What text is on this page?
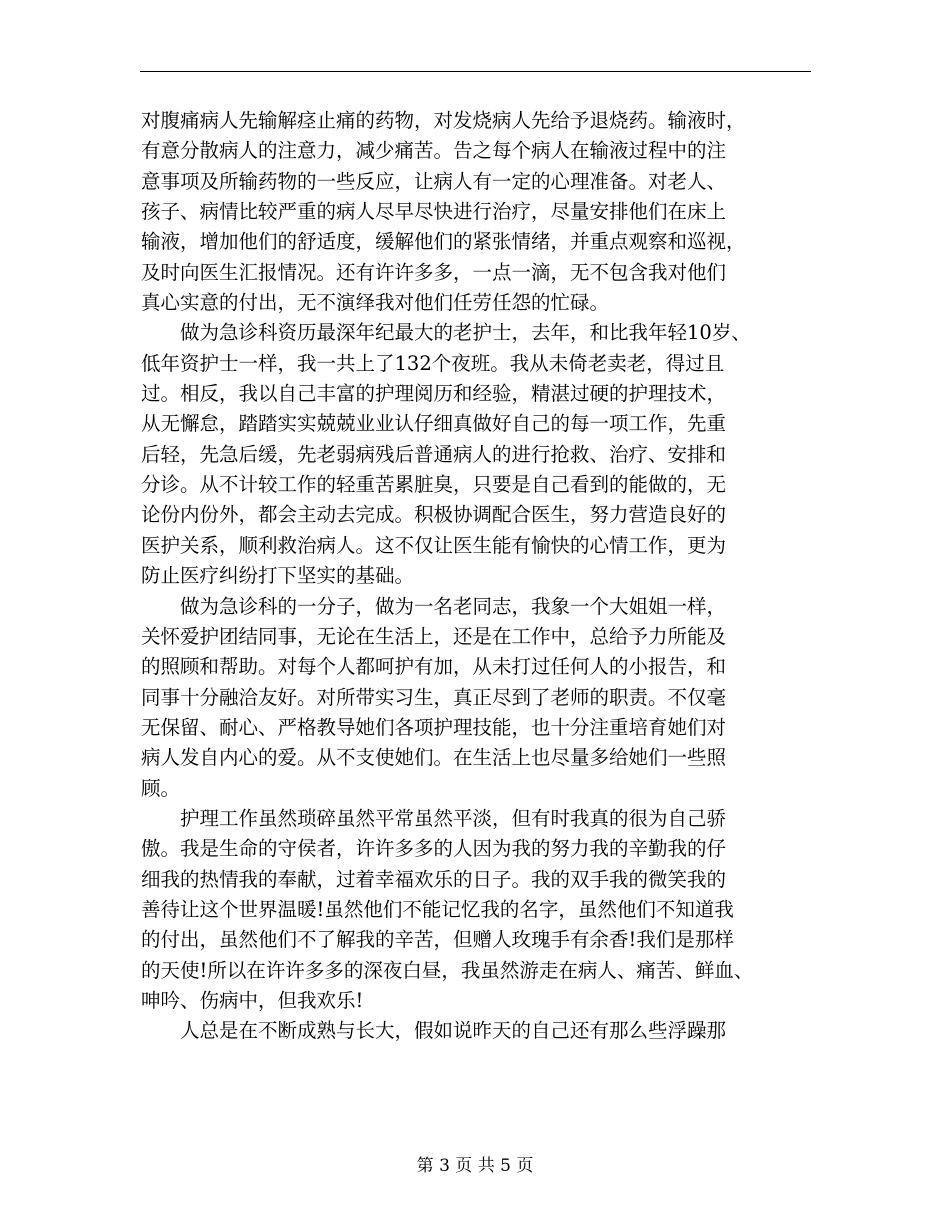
对腹痛病人先输解痉止痛的药物，对发烧病人先给予退烧药。输液时，
有意分散病人的注意力，减少痛苦。告之每个病人在输液过程中的注
意事项及所输药物的一些反应，让病人有一定的心理准备。对老人、
孩子、病情比较严重的病人尽早尽快进行治疗，尽量安排他们在床上
输液，增加他们的舒适度，缓解他们的紧张情绪，并重点观察和巡视，
及时向医生汇报情况。还有许许多多，一点一滴，无不包含我对他们
真心实意的付出，无不演绎我对他们任劳任怨的忙碌。
　　做为急诊科资历最深年纪最大的老护士，去年，和比我年轻10岁、
低年资护士一样，我一共上了132个夜班。我从未倚老卖老，得过且
过。相反，我以自己丰富的护理阅历和经验，精湛过硬的护理技术，
从无懈怠，踏踏实实兢兢业业认仔细真做好自己的每一项工作，先重
后轻，先急后缓，先老弱病残后普通病人的进行抢救、治疗、安排和
分诊。从不计较工作的轻重苦累脏臭，只要是自己看到的能做的，无
论份内份外，都会主动去完成。积极协调配合医生，努力营造良好的
医护关系，顺利救治病人。这不仅让医生能有愉快的心情工作，更为
防止医疗纠纷打下坚实的基础。
　　做为急诊科的一分子，做为一名老同志，我象一个大姐姐一样，
关怀爱护团结同事，无论在生活上，还是在工作中，总给予力所能及
的照顾和帮助。对每个人都呵护有加，从未打过任何人的小报告，和
同事十分融洽友好。对所带实习生，真正尽到了老师的职责。不仅毫
无保留、耐心、严格教导她们各项护理技能，也十分注重培育她们对
病人发自内心的爱。从不支使她们。在生活上也尽量多给她们一些照
顾。
　　护理工作虽然琐碎虽然平常虽然平淡，但有时我真的很为自己骄
傲。我是生命的守侯者，许许多多的人因为我的努力我的辛勤我的仔
细我的热情我的奉献，过着幸福欢乐的日子。我的双手我的微笑我的
善待让这个世界温暖!虽然他们不能记忆我的名字，虽然他们不知道我
的付出，虽然他们不了解我的辛苦，但赠人玫瑰手有余香!我们是那样
的天使!所以在许许多多的深夜白昼，我虽然游走在病人、痛苦、鲜血、
呻吟、伤病中，但我欢乐!
　　人总是在不断成熟与长大，假如说昨天的自己还有那么些浮躁那
第 3 页 共 5 页
